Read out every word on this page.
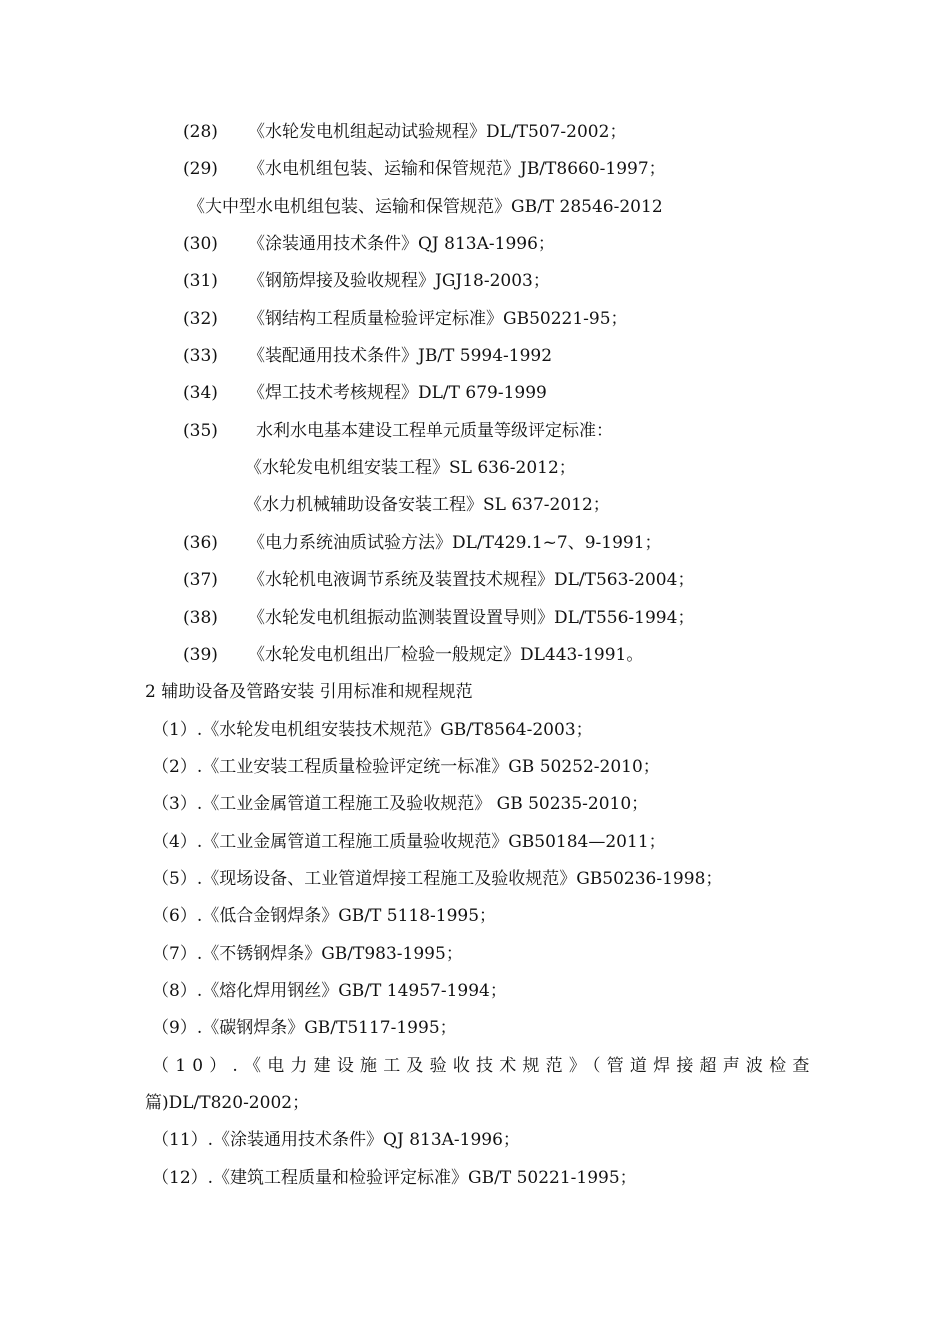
(28) 《水轮发电机组起动试验规程》DL/T507-2002；
(29) 《水电机组包装、运输和保管规范》JB/T8660-1997；
《大中型水电机组包装、运输和保管规范》GB/T 28546-2012
(30) 《涂装通用技术条件》QJ 813A-1996；
(31) 《钢筋焊接及验收规程》JGJ18-2003；
(32) 《钢结构工程质量检验评定标准》GB50221-95；
(33) 《装配通用技术条件》JB/T 5994-1992
(34) 《焊工技术考核规程》DL/T 679-1999
(35) 水利水电基本建设工程单元质量等级评定标准：
《水轮发电机组安装工程》SL 636-2012；
《水力机械辅助设备安装工程》SL 637-2012；
(36) 《电力系统油质试验方法》DL/T429.1~7、9-1991；
(37) 《水轮机电液调节系统及装置技术规程》DL/T563-2004；
(38) 《水轮发电机组振动监测装置设置导则》DL/T556-1994；
(39) 《水轮发电机组出厂检验一般规定》DL443-1991。
2 辅助设备及管路安装 引用标准和规程规范
（1）.《水轮发电机组安装技术规范》GB/T8564-2003；
（2）.《工业安装工程质量检验评定统一标准》GB 50252-2010；
（3）.《工业金属管道工程施工及验收规范》 GB 50235-2010；
（4）.《工业金属管道工程施工质量验收规范》GB50184—2011；
（5）.《现场设备、工业管道焊接工程施工及验收规范》GB50236-1998；
（6）.《低合金钢焊条》GB/T 5118-1995；
（7）.《不锈钢焊条》GB/T983-1995；
（8）.《熔化焊用钢丝》GB/T 14957-1994；
（9）.《碳钢焊条》GB/T5117-1995；
（10）.《电力建设施工及验收技术规范》（管道焊接超声波检查
篇)DL/T820-2002；
（11）.《涂装通用技术条件》QJ 813A-1996；
（12）.《建筑工程质量和检验评定标准》GB/T 50221-1995；
